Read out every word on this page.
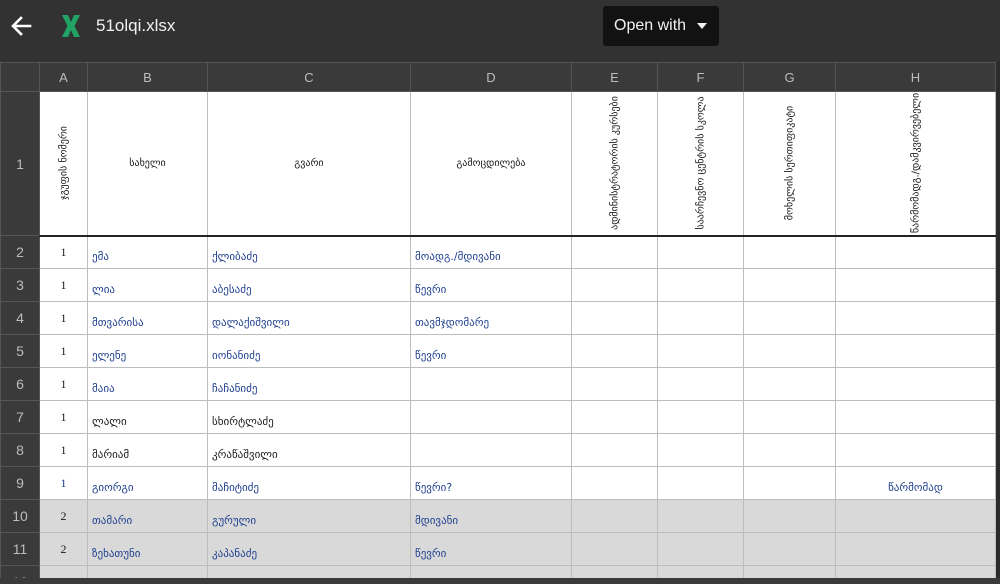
51olqi.xlsx	Open with
	A	B	C	D	E	F	G	H
1	ჯგუფის ნომერი	სახელი	გვარი	გამოცდილება	ადმინისტრატორის კურსები	საარჩევნო ცენტრის სკოლა	მოხელის სერთიფიკატი	წარმომადგ./დამკვირვებელი

2	1	ემა	ქლიბაძე	მოადგ./მდივანი				

3	1	ლია	აბესაძე	წევრი				

4	1	მთვარისა	დალაქიშვილი	თავმჯდომარე				

5	1	ელენე	იონანიძე	წევრი				

6	1	მაია	ჩაჩანიძე					

7	1	ლალი	სხირტლაძე					

8	1	მარიამ	კრაწაშვილი					

9	1	გიორგი	მაჩიტიძე	წევრი?				წარმომად

10	2	თამარი	გურული	მდივანი				

11	2	ზეხათუნი	კაპანაძე	წევრი				
